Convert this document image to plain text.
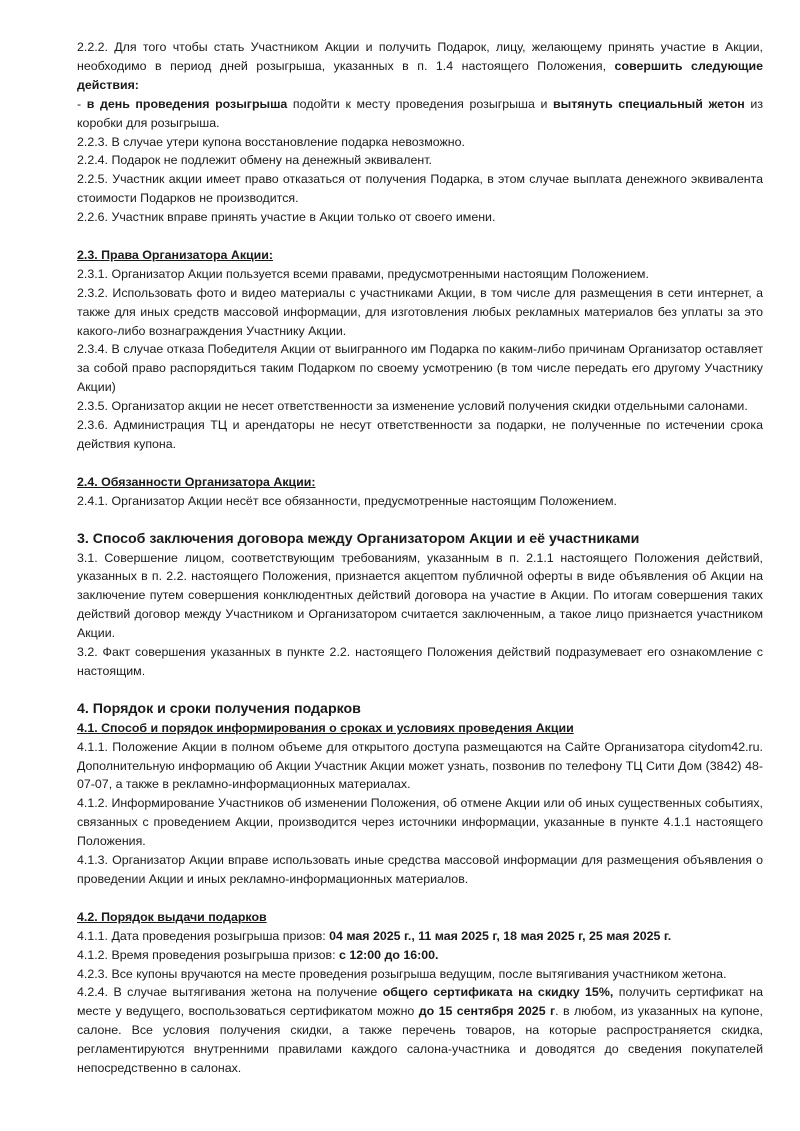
2.2.2. Для того чтобы стать Участником Акции и получить Подарок, лицу, желающему принять участие в Акции, необходимо в период дней розыгрыша, указанных в п. 1.4 настоящего Положения, совершить следующие действия:

- в день проведения розыгрыша подойти к месту проведения розыгрыша и вытянуть специальный жетон из коробки для розыгрыша.

2.2.3. В случае утери купона восстановление подарка невозможно.

2.2.4. Подарок не подлежит обмену на денежный эквивалент.

2.2.5. Участник акции имеет право отказаться от получения Подарка, в этом случае выплата денежного эквивалента стоимости Подарков не производится.

2.2.6. Участник вправе принять участие в Акции только от своего имени.

2.3. Права Организатора Акции:

2.3.1. Организатор Акции пользуется всеми правами, предусмотренными настоящим Положением.

2.3.2. Использовать фото и видео материалы с участниками Акции, в том числе для размещения в сети интернет, а также для иных средств массовой информации, для изготовления любых рекламных материалов без уплаты за это какого-либо вознаграждения Участнику Акции.

2.3.4. В случае отказа Победителя Акции от выигранного им Подарка по каким-либо причинам Организатор оставляет за собой право распорядиться таким Подарком по своему усмотрению (в том числе передать его другому Участнику Акции)

2.3.5. Организатор акции не несет ответственности за изменение условий получения скидки отдельными салонами.

2.3.6. Администрация ТЦ и арендаторы не несут ответственности за подарки, не полученные по истечении срока действия купона.

2.4. Обязанности Организатора Акции:

2.4.1. Организатор Акции несёт все обязанности, предусмотренные настоящим Положением.

3. Способ заключения договора между Организатором Акции и её участниками

3.1. Совершение лицом, соответствующим требованиям, указанным в п. 2.1.1 настоящего Положения действий, указанных в п. 2.2. настоящего Положения, признается акцептом публичной оферты в виде объявления об Акции на заключение путем совершения конклюдентных действий договора на участие в Акции. По итогам совершения таких действий договор между Участником и Организатором считается заключенным, а такое лицо признается участником Акции.

3.2. Факт совершения указанных в пункте 2.2. настоящего Положения действий подразумевает его ознакомление с настоящим.

4. Порядок и сроки получения подарков

4.1. Способ и порядок информирования о сроках и условиях проведения Акции

4.1.1. Положение Акции в полном объеме для открытого доступа размещаются на Сайте Организатора citydom42.ru. Дополнительную информацию об Акции Участник Акции может узнать, позвонив по телефону ТЦ Сити Дом (3842) 48-07-07, а также в рекламно-информационных материалах.

4.1.2. Информирование Участников об изменении Положения, об отмене Акции или об иных существенных событиях, связанных с проведением Акции, производится через источники информации, указанные в пункте 4.1.1 настоящего Положения.

4.1.3. Организатор Акции вправе использовать иные средства массовой информации для размещения объявления о проведении Акции и иных рекламно-информационных материалов.

4.2. Порядок выдачи подарков

4.1.1. Дата проведения розыгрыша призов: 04 мая 2025 г., 11 мая 2025 г, 18 мая 2025 г, 25 мая 2025 г.

4.1.2. Время проведения розыгрыша призов: с 12:00 до 16:00.

4.2.3. Все купоны вручаются на месте проведения розыгрыша ведущим, после вытягивания участником жетона.

4.2.4. В случае вытягивания жетона на получение общего сертификата на скидку 15%, получить сертификат на месте у ведущего, воспользоваться сертификатом можно до 15 сентября 2025 г. в любом, из указанных на купоне, салоне. Все условия получения скидки, а также перечень товаров, на которые распространяется скидка, регламентируются внутренними правилами каждого салона-участника и доводятся до сведения покупателей непосредственно в салонах.
